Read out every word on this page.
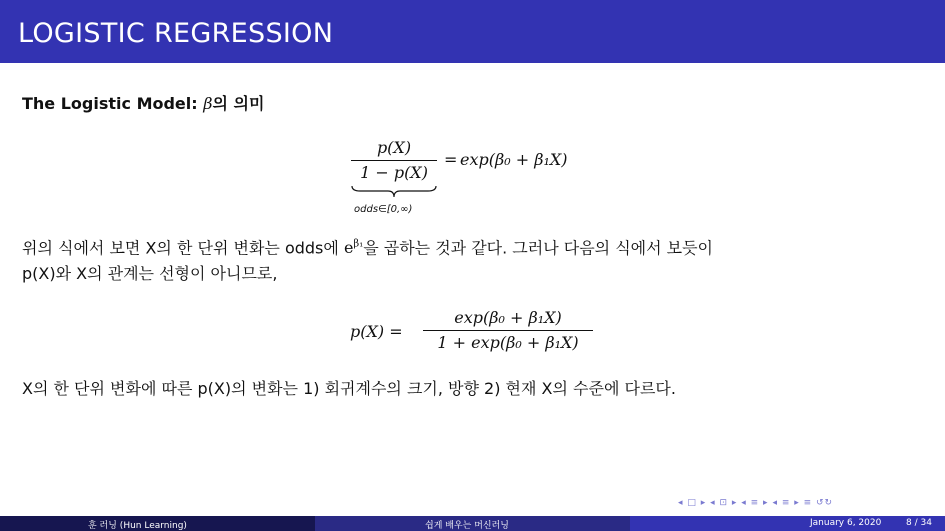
LOGISTIC REGRESSION
The Logistic Model: β의 의미
p(X)
1 − p(X)
= exp(β₀ + β₁X)
odds∈[0,∞)
위의 식에서 보면 X의 한 단위 변화는 odds에 $e^{\beta_1}$을 곱하는 것과 같다. 그러나 다음의 식에서 보듯이
p(X)와 X의 관계는 선형이 아니므로,
p(X) =
exp(β₀ + β₁X)
1 + exp(β₀ + β₁X)
X의 한 단위 변화에 따른 p(X)의 변화는 1) 회귀계수의 크기, 방향 2) 현재 X의 수준에 다르다.
◂ □ ▸ ◂ ⊡ ▸ ◂ ≡ ▸ ◂ ≡ ▸ ≡ ↺↻
훈 러닝 (Hun Learning)	쉽게 배우는 머신러닝	January 6, 2020	8 / 34
